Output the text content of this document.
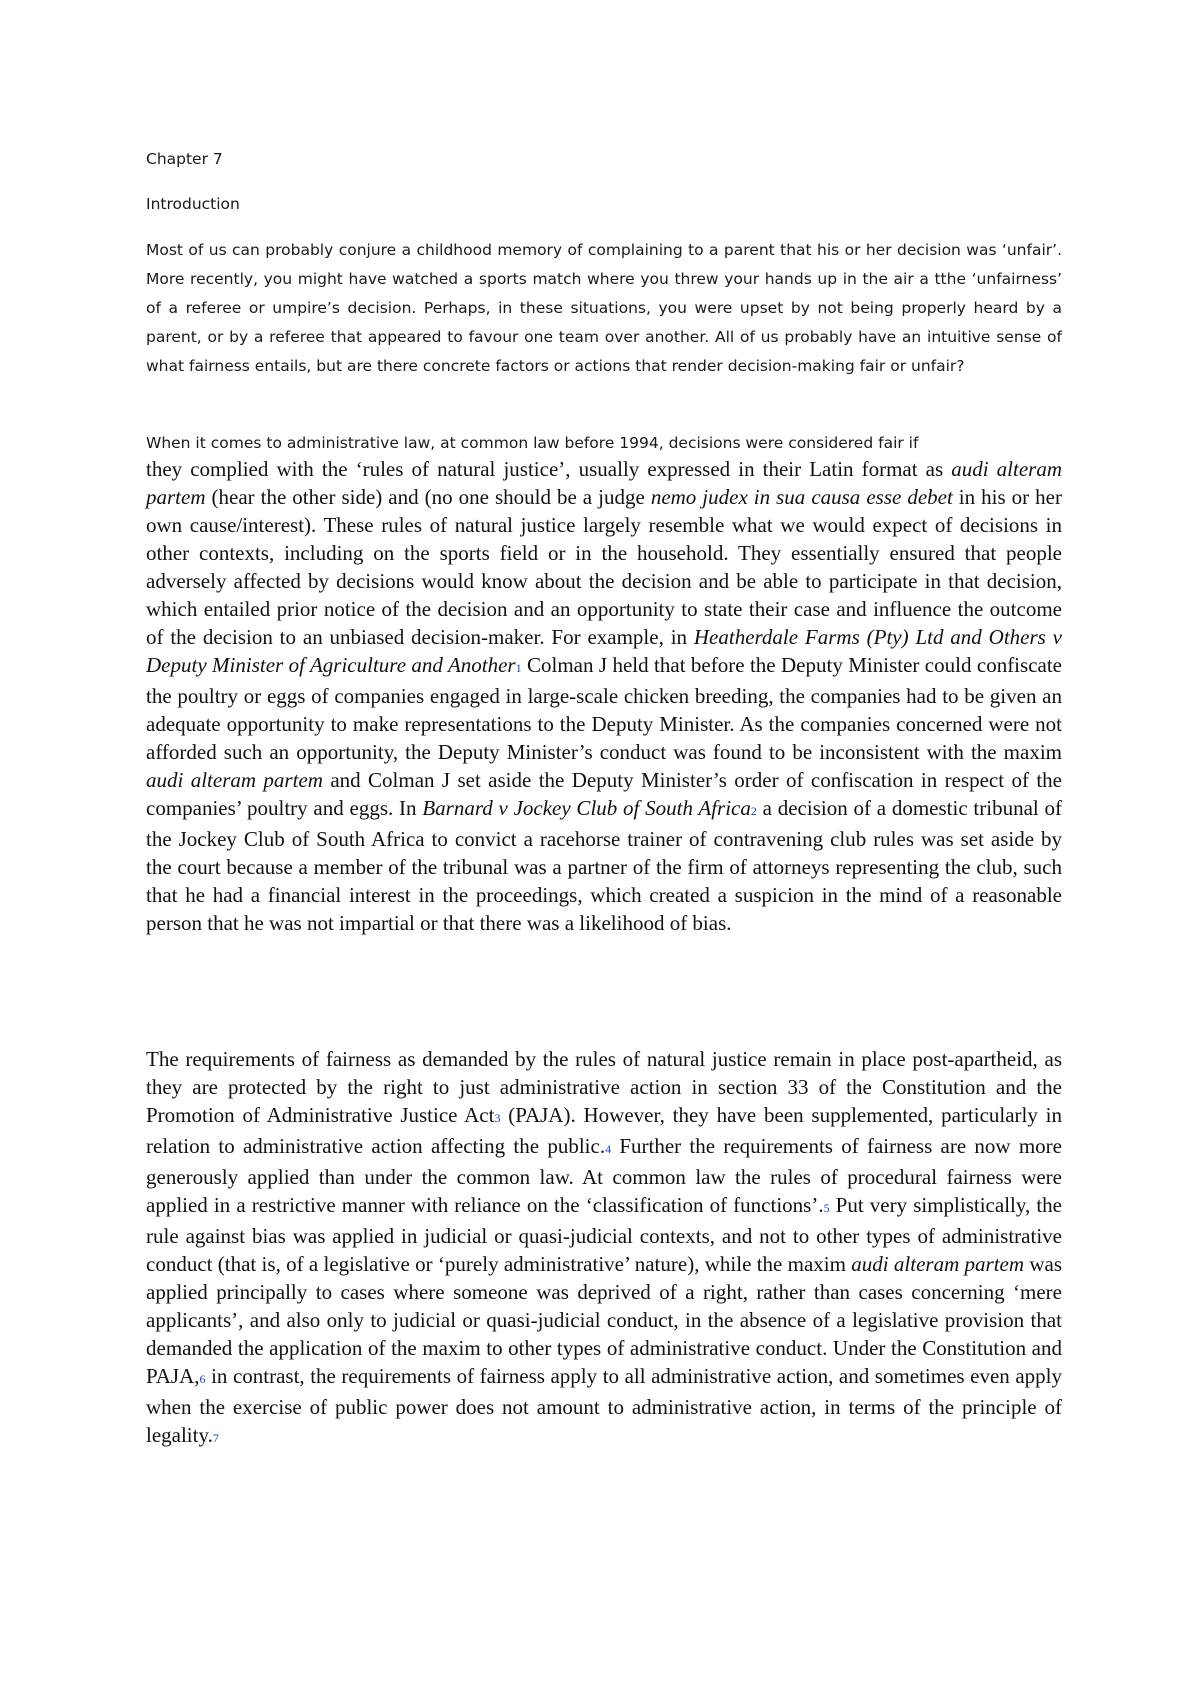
Chapter 7
Introduction
Most of us can probably conjure a childhood memory of complaining to a parent that his or her decision was ‘unfair’. More recently, you might have watched a sports match where you threw your hands up in the air a tthe ‘unfairness’ of a referee or umpire’s decision. Perhaps, in these situations, you were upset by not being properly heard by a parent, or by a referee that appeared to favour one team over another. All of us probably have an intuitive sense of what fairness entails, but are there concrete factors or actions that render decision-making fair or unfair?
When it comes to administrative law, at common law before 1994, decisions were considered fair if
they complied with the ‘rules of natural justice’, usually expressed in their Latin format as audi alteram partem (hear the other side) and (no one should be a judge nemo judex in sua causa esse debet in his or her own cause/interest). These rules of natural justice largely resemble what we would expect of decisions in other contexts, including on the sports field or in the household. They essentially ensured that people adversely affected by decisions would know about the decision and be able to participate in that decision, which entailed prior notice of the decision and an opportunity to state their case and influence the outcome of the decision to an unbiased decision-maker. For example, in Heatherdale Farms (Pty) Ltd and Others v Deputy Minister of Agriculture and Another1 Colman J held that before the Deputy Minister could confiscate the poultry or eggs of companies engaged in large-scale chicken breeding, the companies had to be given an adequate opportunity to make representations to the Deputy Minister. As the companies concerned were not afforded such an opportunity, the Deputy Minister’s conduct was found to be inconsistent with the maxim audi alteram partem and Colman J set aside the Deputy Minister’s order of confiscation in respect of the companies’ poultry and eggs. In Barnard v Jockey Club of South Africa2 a decision of a domestic tribunal of the Jockey Club of South Africa to convict a racehorse trainer of contravening club rules was set aside by the court because a member of the tribunal was a partner of the firm of attorneys representing the club, such that he had a financial interest in the proceedings, which created a suspicion in the mind of a reasonable person that he was not impartial or that there was a likelihood of bias.
The requirements of fairness as demanded by the rules of natural justice remain in place post-apartheid, as they are protected by the right to just administrative action in section 33 of the Constitution and the Promotion of Administrative Justice Act3 (PAJA). However, they have been supplemented, particularly in relation to administrative action affecting the public.4 Further the requirements of fairness are now more generously applied than under the common law. At common law the rules of procedural fairness were applied in a restrictive manner with reliance on the ‘classification of functions’.5 Put very simplistically, the rule against bias was applied in judicial or quasi-judicial contexts, and not to other types of administrative conduct (that is, of a legislative or ‘purely administrative’ nature), while the maxim audi alteram partem was applied principally to cases where someone was deprived of a right, rather than cases concerning ‘mere applicants’, and also only to judicial or quasi-judicial conduct, in the absence of a legislative provision that demanded the application of the maxim to other types of administrative conduct. Under the Constitution and PAJA,6 in contrast, the requirements of fairness apply to all administrative action, and sometimes even apply when the exercise of public power does not amount to administrative action, in terms of the principle of legality.7
